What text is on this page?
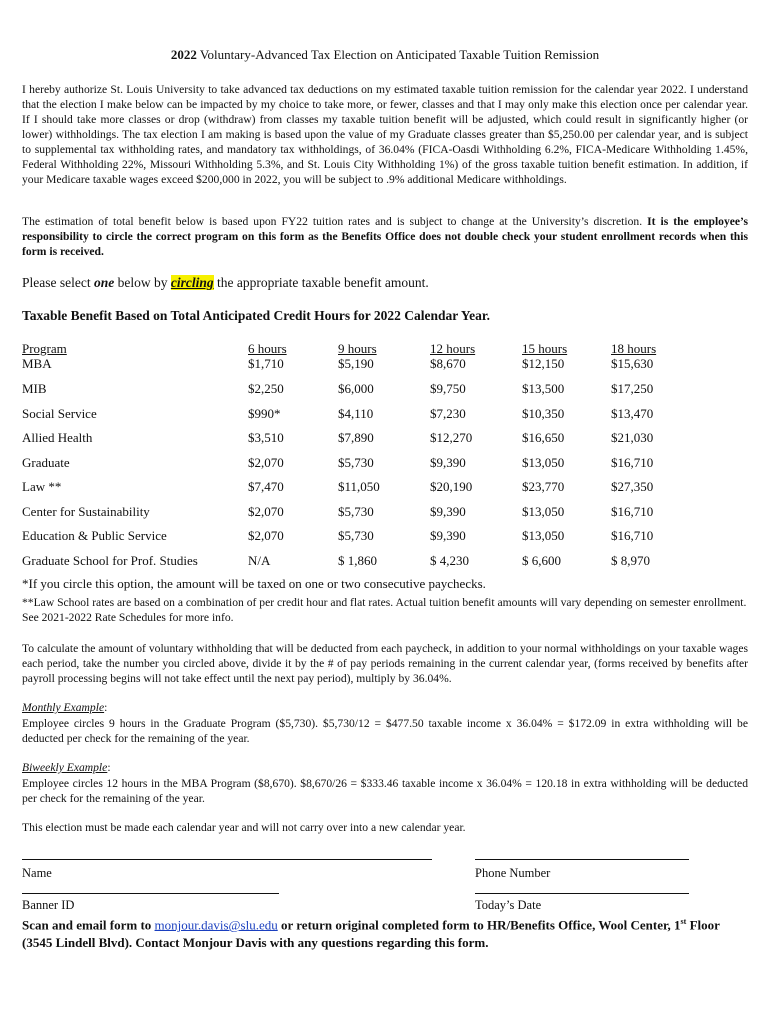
2022 Voluntary-Advanced Tax Election on Anticipated Taxable Tuition Remission
I hereby authorize St. Louis University to take advanced tax deductions on my estimated taxable tuition remission for the calendar year 2022. I understand that the election I make below can be impacted by my choice to take more, or fewer, classes and that I may only make this election once per calendar year. If I should take more classes or drop (withdraw) from classes my taxable tuition benefit will be adjusted, which could result in significantly higher (or lower) withholdings. The tax election I am making is based upon the value of my Graduate classes greater than $5,250.00 per calendar year, and is subject to supplemental tax withholding rates, and mandatory tax withholdings, of 36.04% (FICA-Oasdi Withholding 6.2%, FICA-Medicare Withholding 1.45%, Federal Withholding 22%, Missouri Withholding 5.3%, and St. Louis City Withholding 1%) of the gross taxable tuition benefit estimation. In addition, if your Medicare taxable wages exceed $200,000 in 2022, you will be subject to .9% additional Medicare withholdings.
The estimation of total benefit below is based upon FY22 tuition rates and is subject to change at the University’s discretion. It is the employee’s responsibility to circle the correct program on this form as the Benefits Office does not double check your student enrollment records when this form is received.
Please select one below by circling the appropriate taxable benefit amount.
Taxable Benefit Based on Total Anticipated Credit Hours for 2022 Calendar Year.
Program	6 hours	9 hours	12 hours	15 hours	18 hours
MBA	$1,710	$5,190	$8,670	$12,150	$15,630
MIB	$2,250	$6,000	$9,750	$13,500	$17,250
Social Service	$990*	$4,110	$7,230	$10,350	$13,470
Allied Health	$3,510	$7,890	$12,270	$16,650	$21,030
Graduate	$2,070	$5,730	$9,390	$13,050	$16,710
Law **	$7,470	$11,050	$20,190	$23,770	$27,350
Center for Sustainability	$2,070	$5,730	$9,390	$13,050	$16,710
Education & Public Service	$2,070	$5,730	$9,390	$13,050	$16,710
Graduate School for Prof. Studies	N/A	$ 1,860	$ 4,230	$ 6,600	$ 8,970
*If you circle this option, the amount will be taxed on one or two consecutive paychecks.
**Law School rates are based on a combination of per credit hour and flat rates. Actual tuition benefit amounts will vary depending on semester enrollment. See 2021-2022 Rate Schedules for more info.
To calculate the amount of voluntary withholding that will be deducted from each paycheck, in addition to your normal withholdings on your taxable wages each period, take the number you circled above, divide it by the # of pay periods remaining in the current calendar year, (forms received by benefits after payroll processing begins will not take effect until the next pay period), multiply by 36.04%.
Monthly Example:
Employee circles 9 hours in the Graduate Program ($5,730). $5,730/12 = $477.50 taxable income x 36.04% = $172.09 in extra withholding will be deducted per check for the remaining of the year.
Biweekly Example:
Employee circles 12 hours in the MBA Program ($8,670). $8,670/26 = $333.46 taxable income x 36.04% = 120.18 in extra withholding will be deducted per check for the remaining of the year.
This election must be made each calendar year and will not carry over into a new calendar year.
Name	Phone Number
Banner ID	Today’s Date
Scan and email form to monjour.davis@slu.edu or return original completed form to HR/Benefits Office, Wool Center, 1st Floor (3545 Lindell Blvd). Contact Monjour Davis with any questions regarding this form.
